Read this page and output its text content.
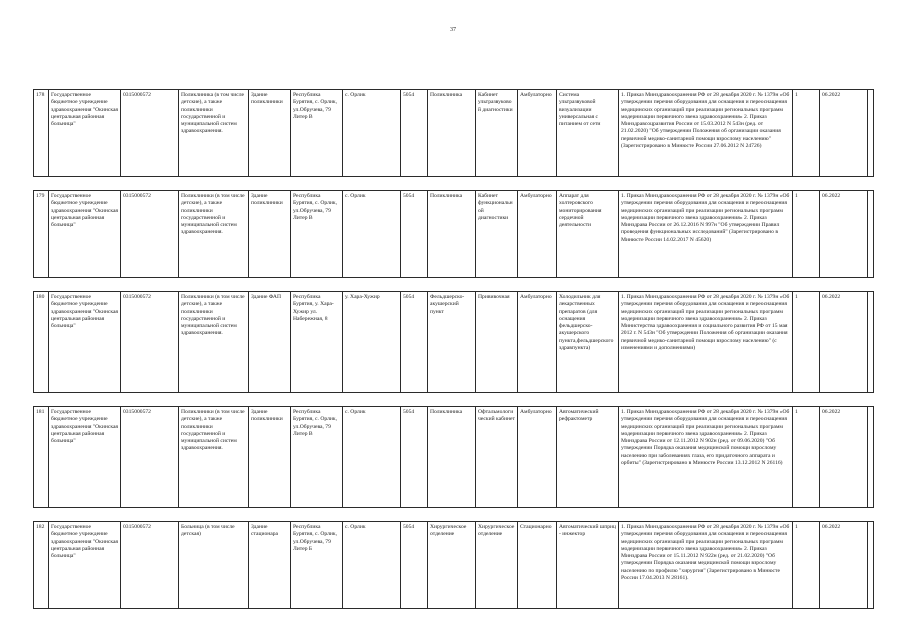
37
178	Государственное бюджетное учреждение здравоохранения "Окинская центральная районная больница"	0315000572	Поликлиника (в том числе детские), а также поликлиники государственной и муниципальной систем здравоохранения.	Здание поликлиники	Республика Бурятия, с. Орлик, ул.Обручева, 79 Литер В	с. Орлик	5054	Поликлиника	Кабинет ультразвуково й диагностики	Амбулаторно	Система ультразвуковой визуализации универсальная с питанием от сети	1. Приказ Минздравоохранения РФ от 28 декабря 2020 г. № 1379н «Об утверждении перечня оборудования для оснащения и переоснащения медицинских организаций при реализации региональных программ модернизации первичного звена здравоохранения» 2. Приказ Минздравсоцразвития России от 15.03.2012 N 543н (ред. от 21.02.2020) "Об утверждении Положения об организации оказания первичной медико-санитарной помощи взрослому населению" (Зарегистрировано в Минюсте России 27.06.2012 N 24726)	1	06.2022	

179	Государственное бюджетное учреждение здравоохранения "Окинская центральная районная больница"	0315000572	Поликлиники (в том числе детские), а также поликлиники государственной и муниципальной систем здравоохранения.	Здание поликлиники	Республика Бурятия, с. Орлик, ул.Обручева, 79 Литер В	с. Орлик	5054	Поликлиника	Кабинет функциональн ой диагностики	Амбулаторно	Аппарат для холтеровского мониторирования сердечной деятельности	1. Приказ Минздравоохранения РФ от 28 декабря 2020 г. № 1379н «Об утверждении перечня оборудования для оснащения и переоснащения медицинских организаций при реализации региональных программ модернизации первичного звена здравоохранения» 2. Приказ Минздрава России от 26.12.2016 N 997н "Об утверждении Правил проведения функциональных исследований" (Зарегистрировано в Минюсте России 14.02.2017 N 45620)	1	06.2022	

180	Государственное бюджетное учреждение здравоохранения "Окинская центральная районная больница"	0315000572	Поликлиники (в том числе детские), а также поликлиники государственной и муниципальной систем здравоохранения.	Здание ФАП	Республика Бурятия, у. Хара-Хужир ул. Набережная, 8	у. Хара-Хужир	5054	Фельдшерско-акушерский пункт	Прививочная	Амбулаторно	Холодильник для лекарственных препаратов (для оснащения фельдшерско-акушерского пункта,фельдшерского здравпункта)	1. Приказ Минздравоохранения РФ от 28 декабря 2020 г. № 1379н «Об утверждении перечня оборудования для оснащения и переоснащения медицинских организаций при реализации региональных программ модернизации первичного звена здравоохранения» 2. Приказ Министерства здравоохранения и социального развития РФ от 15 мая 2012 г. N 543н "Об утверждении Положения об организации оказания первичной медико-санитарной помощи взрослому населению" (с изменениями и дополнениями)	1	06.2022	

181	Государственное бюджетное учреждение здравоохранения "Окинская центральная районная больница"	0315000572	Поликлиники (в том числе детские), а также поликлиники государственной и муниципальной систем здравоохранения.	Здание поликлиники	Республика Бурятия, с. Орлик, ул.Обручева, 79 Литер В	с. Орлик	5054	Поликлиника	Офтальмологи ческий кабинет	Амбулаторно	Автоматический рефрактометр	1. Приказ Минздравоохранения РФ от 28 декабря 2020 г. № 1379н «Об утверждении перечня оборудования для оснащения и переоснащения медицинских организаций при реализации региональных программ модернизации первичного звена здравоохранения» 2. Приказ Минздрава России от 12.11.2012 N 902н (ред. от 09.06.2020) "Об утверждении Порядка оказания медицинской помощи взрослому населению при заболеваниях глаза, его придаточного аппарата и орбиты" (Зарегистрировано в Минюсте России 13.12.2012 N 26116)	1	06.2022	

182	Государственное бюджетное учреждение здравоохранения "Окинская центральная районная больница"	0315000572	Больница (в том числе детская)	Здание стационара	Республика Бурятия, с. Орлик, ул.Обручева, 79 Литер Б	с. Орлик	5054	Хирургическое отделение	Хирургическое отделение	Стационарно	Автоматический шприц - инжектор	1. Приказ Минздравоохранения РФ от 28 декабря 2020 г. № 1379н «Об утверждении перечня оборудования для оснащения и переоснащения медицинских организаций при реализации региональных программ модернизации первичного звена здравоохранения» 2. Приказ Минздрава России от 15.11.2012 N 922н (ред. от 21.02.2020) "Об утверждении Порядка оказания медицинской помощи взрослому населению по профилю "хирургия" (Зарегистрировано в Минюсте России 17.04.2013 N 28161).	1	06.2022	
